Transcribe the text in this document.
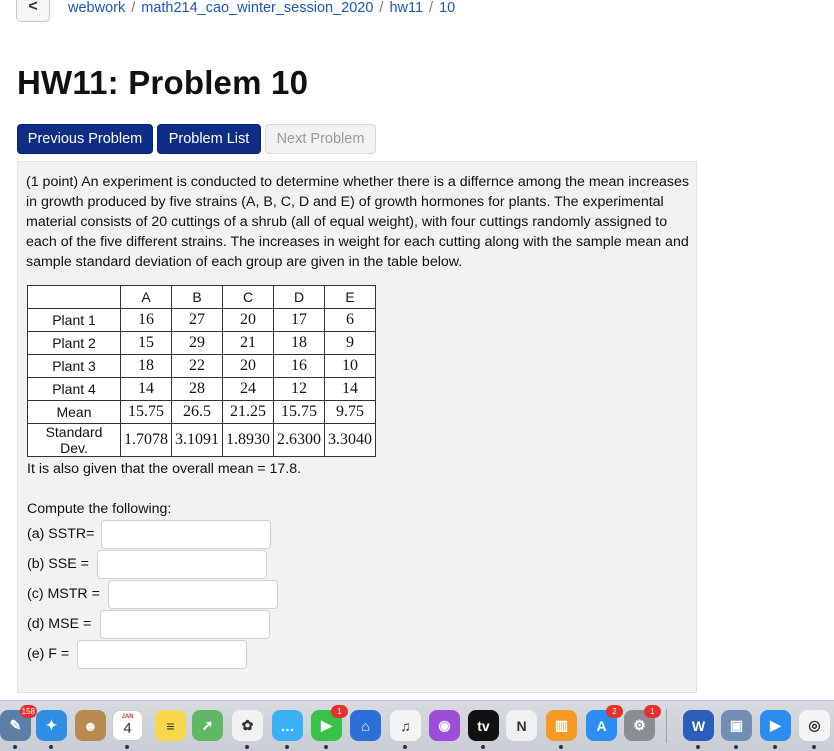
< webwork / math214_cao_winter_session_2020 / hw11 / 10
HW11: Problem 10
Previous Problem	Problem List	Next Problem

(1 point) An experiment is conducted to determine whether there is a differnce among the mean increases in growth produced by five strains (A, B, C, D and E) of growth hormones for plants. The experimental material consists of 20 cuttings of a shrub (all of equal weight), with four cuttings randomly assigned to each of the five different strains. The increases in weight for each cutting along with the sample mean and sample standard deviation of each group are given in the table below.

	A	B	C	D	E
Plant 1	16	27	20	17	6
Plant 2	15	29	21	18	9
Plant 3	18	22	20	16	10
Plant 4	14	28	24	12	14
Mean	15.75	26.5	21.25	15.75	9.75
Standard Dev.	1.7078	3.1091	1.8930	2.6300	3.3040

It is also given that the overall mean = 17.8.

Compute the following:

(a) SSTR=
(b) SSE =
(c) MSTR =
(d) MSE =
(e) F =
✎
158
✦ ☻
JAN
4 ≡ ➚ ✿ … ▶
1
⌂ ♫ ◉ tv N ▥ A
2
⚙
1
W ▣ ▶ ◎
